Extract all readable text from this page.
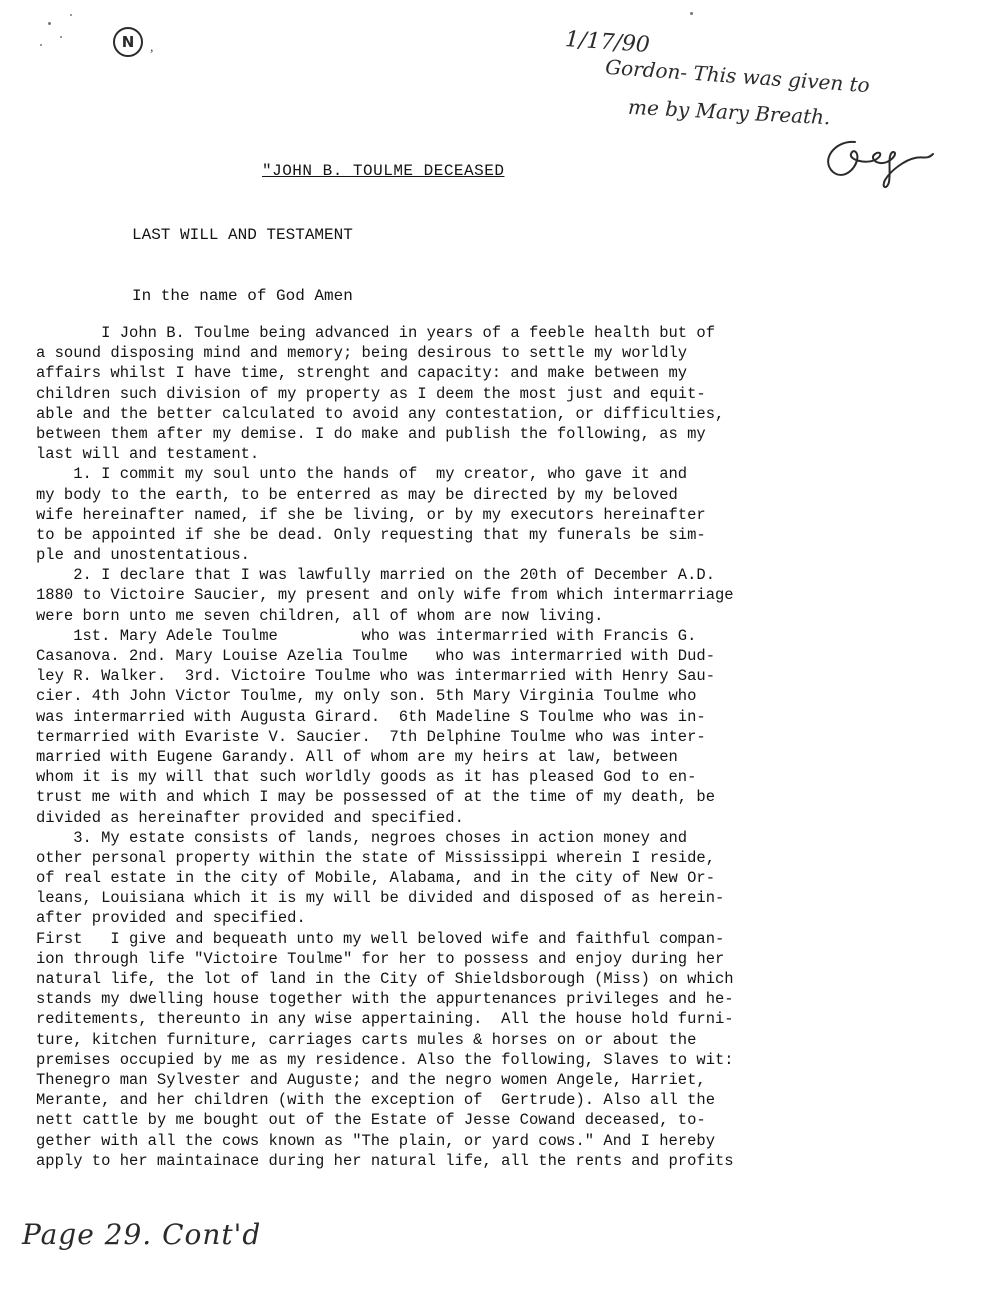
N	,	1/17/90
Gordon- This was given to
me by Mary Breath.
"JOHN B. TOULME DECEASED
LAST WILL AND TESTAMENT
In the name of God Amen
I John B. Toulme being advanced in years of a feeble health but of
a sound disposing mind and memory; being desirous to settle my worldly
affairs whilst I have time, strenght and capacity: and make between my
children such division of my property as I deem the most just and equit-
able and the better calculated to avoid any contestation, or difficulties,
between them after my demise. I do make and publish the following, as my
last will and testament.
1. I commit my soul unto the hands of  my creator, who gave it and
my body to the earth, to be enterred as may be directed by my beloved
wife hereinafter named, if she be living, or by my executors hereinafter
to be appointed if she be dead. Only requesting that my funerals be sim-
ple and unostentatious.
2. I declare that I was lawfully married on the 20th of December A.D.
1880 to Victoire Saucier, my present and only wife from which intermarriage
were born unto me seven children, all of whom are now living.
1st. Mary Adele Toulme         who was intermarried with Francis G.
Casanova. 2nd. Mary Louise Azelia Toulme   who was intermarried with Dud-
ley R. Walker.  3rd. Victoire Toulme who was intermarried with Henry Sau-
cier. 4th John Victor Toulme, my only son. 5th Mary Virginia Toulme who
was intermarried with Augusta Girard.  6th Madeline S Toulme who was in-
termarried with Evariste V. Saucier.  7th Delphine Toulme who was inter-
married with Eugene Garandy. All of whom are my heirs at law, between
whom it is my will that such worldly goods as it has pleased God to en-
trust me with and which I may be possessed of at the time of my death, be
divided as hereinafter provided and specified.
3. My estate consists of lands, negroes choses in action money and
other personal property within the state of Mississippi wherein I reside,
of real estate in the city of Mobile, Alabama, and in the city of New Or-
leans, Louisiana which it is my will be divided and disposed of as herein-
after provided and specified.
First   I give and bequeath unto my well beloved wife and faithful compan-
ion through life "Victoire Toulme" for her to possess and enjoy during her
natural life, the lot of land in the City of Shieldsborough (Miss) on which
stands my dwelling house together with the appurtenances privileges and he-
reditements, thereunto in any wise appertaining.  All the house hold furni-
ture, kitchen furniture, carriages carts mules & horses on or about the
premises occupied by me as my residence. Also the following, Slaves to wit:
Thenegro man Sylvester and Auguste; and the negro women Angele, Harriet,
Merante, and her children (with the exception of  Gertrude). Also all the
nett cattle by me bought out of the Estate of Jesse Cowand deceased, to-
gether with all the cows known as "The plain, or yard cows." And I hereby
apply to her maintainace during her natural life, all the rents and profits
Page 29. Cont'd
